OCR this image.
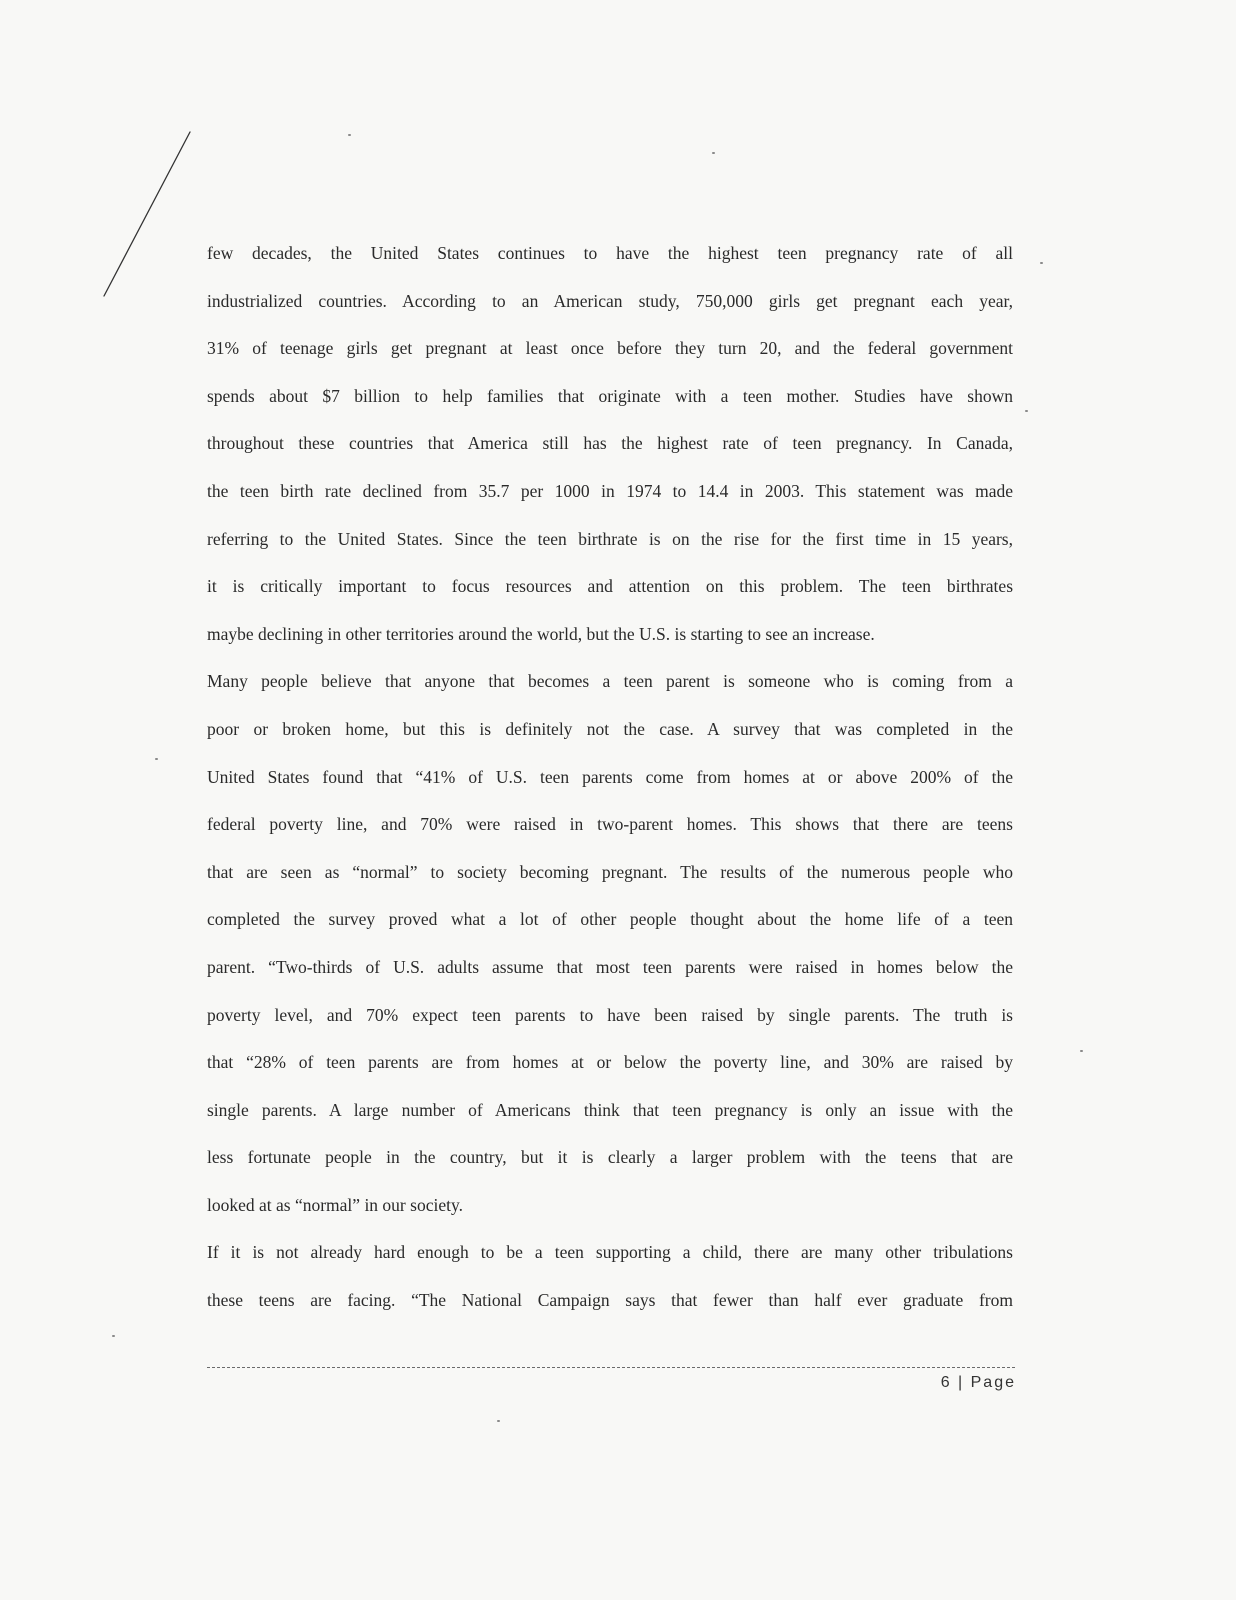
few decades, the United States continues to have the highest teen pregnancy rate of all
industrialized countries. According to an American study, 750,000 girls get pregnant each year,
31% of teenage girls get pregnant at least once before they turn 20, and the federal government
spends about $7 billion to help families that originate with a teen mother. Studies have shown
throughout these countries that America still has the highest rate of teen pregnancy. In Canada,
the teen birth rate declined from 35.7 per 1000 in 1974 to 14.4 in 2003. This statement was made
referring to the United States. Since the teen birthrate is on the rise for the first time in 15 years,
it is critically important to focus resources and attention on this problem. The teen birthrates
maybe declining in other territories around the world, but the U.S. is starting to see an increase.
Many people believe that anyone that becomes a teen parent is someone who is coming from a
poor or broken home, but this is definitely not the case. A survey that was completed in the
United States found that “41% of U.S. teen parents come from homes at or above 200% of the
federal poverty line, and 70% were raised in two-parent homes. This shows that there are teens
that are seen as “normal” to society becoming pregnant. The results of the numerous people who
completed the survey proved what a lot of other people thought about the home life of a teen
parent. “Two-thirds of U.S. adults assume that most teen parents were raised in homes below the
poverty level, and 70% expect teen parents to have been raised by single parents. The truth is
that “28% of teen parents are from homes at or below the poverty line, and 30% are raised by
single parents. A large number of Americans think that teen pregnancy is only an issue with the
less fortunate people in the country, but it is clearly a larger problem with the teens that are
looked at as “normal” in our society.
If it is not already hard enough to be a teen supporting a child, there are many other tribulations
these teens are facing. “The National Campaign says that fewer than half ever graduate from
6 | Page
